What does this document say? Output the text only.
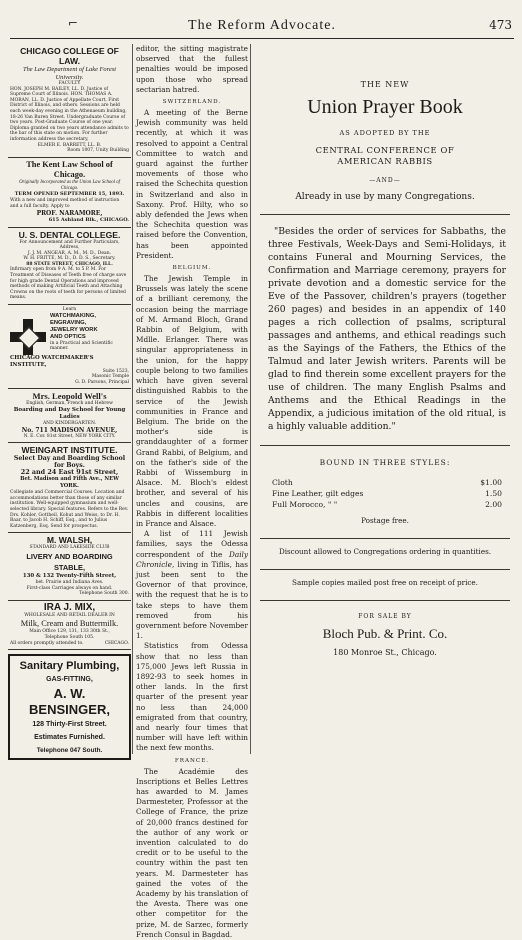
⌐	The Reform Advocate.	473
CHICAGO COLLEGE OF LAW.
The Law Department of Lake Forest University.
FACULTY
HON. JOSEPH M. BAILEY, LL. D. Justice of Supreme Court of Illinois. HON. THOMAS A. MORAN, LL. D. Justice of Appellate Court, First District of Illinois, and others. Sessions are held each week-day evening in the Athenaeum building, 18-26 Van Buren Street. Undergraduate Course of two years. Post-Graduate Course of one year. Diploma granted on two years attendance admits to the bar of this state on motion. For further information address the secretary,
ELMER E. BARRETT, LL. B.
Room 1007, Unity Building
The Kent Law School of Chicago.
Originally Incorporated as the Union Law School of Chicago.
TERM OPENED SEPTEMBER 15, 1893.
With a new and improved method of instruction and a full faculty. Apply to
PROF. NARAMORE,
615 Ashland Blk., CHICAGO.
U. S. DENTAL COLLEGE.
For Announcement and Further Particulars, Address,
J. J. M. ANGEAR, A. M., M. D., Dean.
W. H. FRITTE, M. D., D. D. S., Secretary.
88 STATE STREET, CHICAGO, ILL.
Infirmary open from 9 A. M. to 5 P. M. For Treatment of Diseases of Teeth free of charge save for high grade Dental Operations and improved methods of making Artificial Teeth and Attaching Crowns on the roots of teeth for persons of limited means.
Learn
WATCHMAKING,
ENGRAVING,
JEWELRY WORK
AND OPTICS
in a Practical and Scientific manner.
CHICAGO WATCHMAKER'S INSTITUTE,
Suite 1523,
Masonic Temple
G. D. Parsons, Principal
Mrs. Leopold Well's
English, German, French and Hebrew
Boarding and Day School for Young Ladies
AND KINDERGARTEN.
No. 711 MADISON AVENUE,
N. E. Cor. 81st Street, NEW YORK CITY.
WEINGART INSTITUTE.
Select Day and Boarding School for Boys.
22 and 24 East 91st Street,
Bet. Madison and Fifth Ave., NEW YORK.
Collegiate and Commercial Courses. Location and accommodations better than those of any similar institution. Well-equipped gymnasium and well-selected library. Special features. Refers to the Rev. Drs. Kohler, Gottheil, Kohut and Weiss, to Dr. H. Baar, to Jacob H. Schiff, Esq., and to Julius Katzenberg, Esq. Send for prospectus.
M. WALSH,
STANDARD AND LAKESIDE CLUB
LIVERY AND BOARDING STABLE,
130 & 132 Twenty-Fifth Street,
bet. Prairie and Indiana Aves.
First-class Carriages always on hand.
Telephone South 300.
IRA J. MIX,
WHOLESALE AND RETAIL DEALER IN
Milk, Cream and Buttermilk.
Main Office 129, 131, 133 30th St.,
Telephone South 105.
All orders promptly attended to.	CHICAGO.
Sanitary Plumbing,
GAS-FITTING,
A. W. BENSINGER,
128 Thirty-First Street.
Estimates Furnished.
Telephone 047 South.

editor, the sitting magistrate observed that the fullest penalties would be imposed upon those who spread sectarian hatred.

SWITZERLAND.

A meeting of the Berne Jewish community was held recently, at which it was resolved to appoint a Central Committee to watch and guard against the further movements of those who raised the Schechita question in Switzerland and also in Saxony. Prof. Hilty, who so ably defended the Jews when the Schechita question was raised before the Convention, has been appointed President.

BELGIUM.

The Jewish Temple in Brussels was lately the scene of a brilliant ceremony, the occasion being the marriage of M. Armand Bloch, Grand Rabbin of Belgium, with Mdlle. Erlanger. There was singular appropriateness in the union, for the happy couple belong to two families which have given several distinguished Rabbis to the service of the Jewish communities in France and Belgium. The bride on the mother's side is granddaughter of a former Grand Rabbi, of Belgium, and on the father's side of the Rabbi of Wissemburg in Alsace. M. Bloch's eldest brother, and several of his uncles and cousins, are Rabbis in different localities in France and Alsace.

A list of 111 Jewish families, says the Odessa correspondent of the Daily Chronicle, living in Tiflis, has just been sent to the Governor of that province, with the request that he is to take steps to have them removed from his government before November 1.

Statistics from Odessa show that no less than 175,000 Jews left Russia in 1892-93 to seek homes in other lands. In the first quarter of the present year no less than 24,000 emigrated from that country, and nearly four times that number will have left within the next few months.

FRANCE.

The Académie des Inscriptions et Belles Lettres has awarded to M. James Darmesteter, Professor at the College of France, the prize of 20,000 francs destined for the author of any work or invention calculated to do credit or to be useful to the country within the past ten years. M. Darmesteter has gained the votes of the Academy by his translation of the Avesta. There was one other competitor for the prize, M. de Sarzec, formerly French Consul in Bagdad.

THE NEW
Union Prayer Book
AS ADOPTED BY THE
CENTRAL CONFERENCE OF
AMERICAN RABBIS
—AND—
Already in use by many Congregations.
"Besides the order of services for Sabbaths, the three Festivals, Week-Days and Semi-Holidays, it contains Funeral and Mourning Services, the Confirmation and Marriage ceremony, prayers for private devotion and a domestic service for the Eve of the Passover, children's prayers (together 260 pages) and besides in an appendix of 140 pages a rich collection of psalms, scriptural passages and anthems, and ethical readings such as the Sayings of the Fathers, the Ethics of the Talmud and later Jewish writers. Parents will be glad to find therein some excellent prayers for the use of children. The many English Psalms and Anthems and the Ethical Readings in the Appendix, a judicious imitation of the old ritual, is a highly valuable addition."
BOUND IN THREE STYLES:
Cloth	$1.00
Fine Leather, gilt edges	1.50
Full Morocco, " "	2.00
Postage free.
Discount allowed to Congregations ordering in quantities.
Sample copies mailed post free on receipt of price.
FOR SALE BY
Bloch Pub. & Print. Co.
180 Monroe St., Chicago.
